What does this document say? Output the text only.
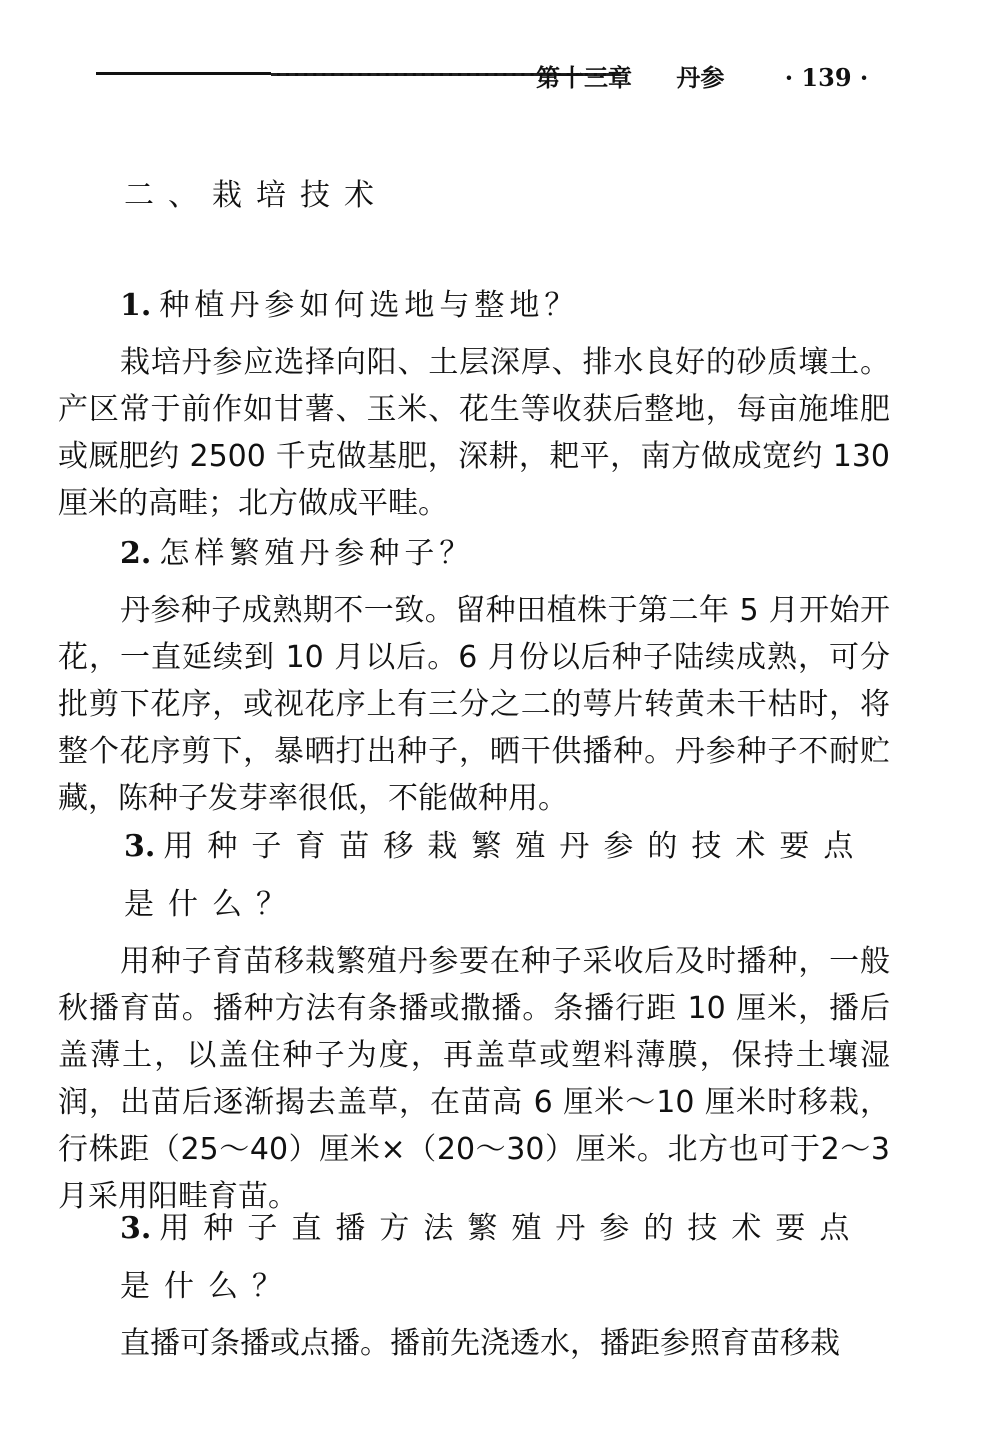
第十三章 丹参	· 139 ·
二、栽培技术
1. 种植丹参如何选地与整地？

栽培丹参应选择向阳、土层深厚、排水良好的砂质壤土。产区常于前作如甘薯、玉米、花生等收获后整地，每亩施堆肥或厩肥约 2500 千克做基肥，深耕，耙平，南方做成宽约 130 厘米的高畦；北方做成平畦。

2. 怎样繁殖丹参种子？

丹参种子成熟期不一致。留种田植株于第二年 5 月开始开花，一直延续到 10 月以后。6 月份以后种子陆续成熟，可分批剪下花序，或视花序上有三分之二的萼片转黄未干枯时，将整个花序剪下，暴晒打出种子，晒干供播种。丹参种子不耐贮藏，陈种子发芽率很低，不能做种用。

3. 用种子育苗移栽繁殖丹参的技术要点是什么？

用种子育苗移栽繁殖丹参要在种子采收后及时播种，一般秋播育苗。播种方法有条播或撒播。条播行距 10 厘米，播后盖薄土，以盖住种子为度，再盖草或塑料薄膜，保持土壤湿润，出苗后逐渐揭去盖草，在苗高 6 厘米～10 厘米时移栽，行株距（25～40）厘米×（20～30）厘米。北方也可于2～3 月采用阳畦育苗。

3. 用种子直播方法繁殖丹参的技术要点是什么？

直播可条播或点播。播前先浇透水，播距参照育苗移栽
